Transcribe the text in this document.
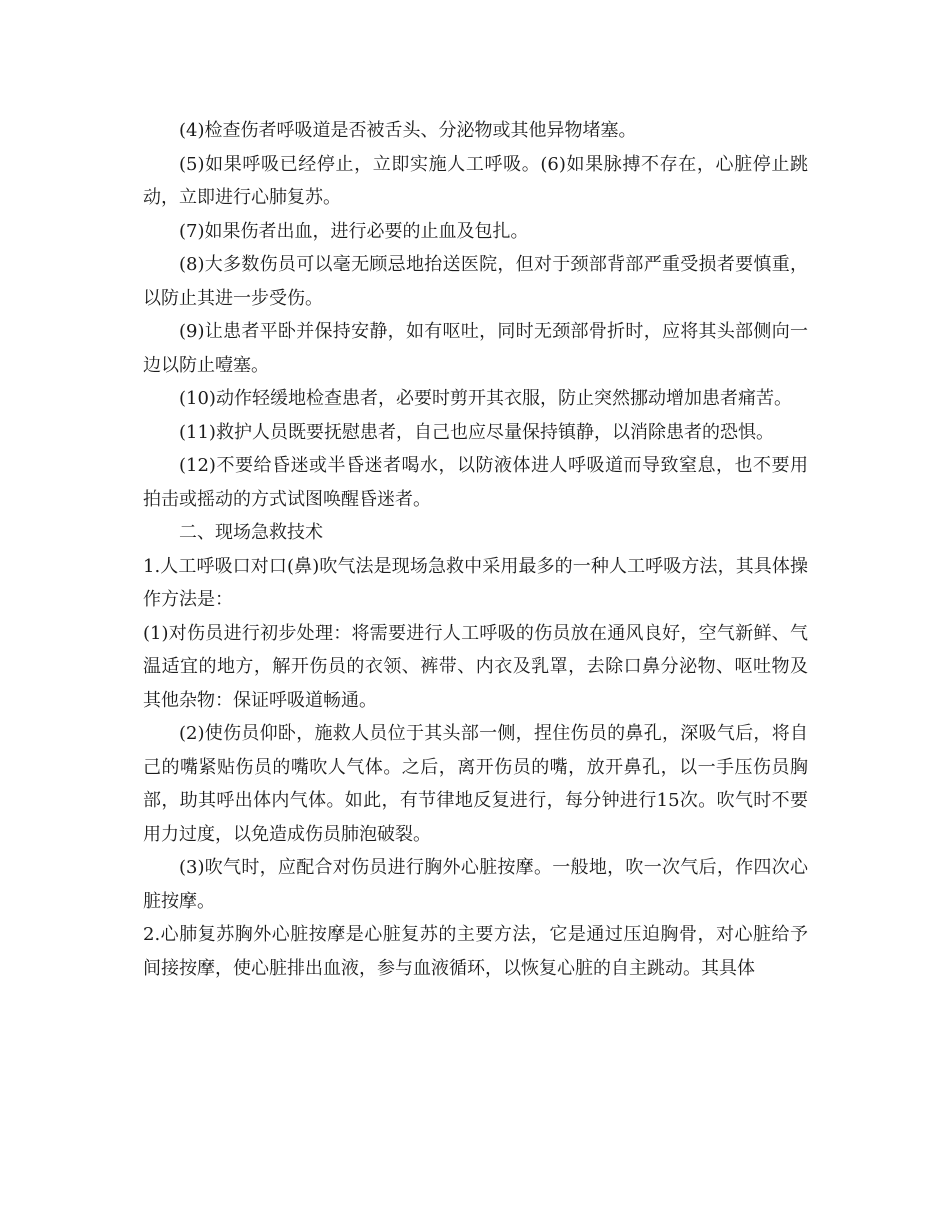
(4)检查伤者呼吸道是否被舌头、分泌物或其他异物堵塞。

(5)如果呼吸已经停止，立即实施人工呼吸。(6)如果脉搏不存在，心脏停止跳动，立即进行心肺复苏。

(7)如果伤者出血，进行必要的止血及包扎。

(8)大多数伤员可以毫无顾忌地抬送医院，但对于颈部背部严重受损者要慎重，以防止其进一步受伤。

(9)让患者平卧并保持安静，如有呕吐，同时无颈部骨折时，应将其头部侧向一边以防止噎塞。

(10)动作轻缓地检查患者，必要时剪开其衣服，防止突然挪动增加患者痛苦。

(11)救护人员既要抚慰患者，自己也应尽量保持镇静，以消除患者的恐惧。

(12)不要给昏迷或半昏迷者喝水，以防液体进人呼吸道而导致窒息，也不要用拍击或摇动的方式试图唤醒昏迷者。

二、现场急救技术

1.人工呼吸口对口(鼻)吹气法是现场急救中采用最多的一种人工呼吸方法，其具体操作方法是：

(1)对伤员进行初步处理：将需要进行人工呼吸的伤员放在通风良好，空气新鲜、气温适宜的地方，解开伤员的衣领、裤带、内衣及乳罩，去除口鼻分泌物、呕吐物及其他杂物：保证呼吸道畅通。

(2)使伤员仰卧，施救人员位于其头部一侧，捏住伤员的鼻孔，深吸气后，将自己的嘴紧贴伤员的嘴吹人气体。之后，离开伤员的嘴，放开鼻孔，以一手压伤员胸部，助其呼出体内气体。如此，有节律地反复进行，每分钟进行15次。吹气时不要用力过度，以免造成伤员肺泡破裂。

(3)吹气时，应配合对伤员进行胸外心脏按摩。一般地，吹一次气后，作四次心脏按摩。

2.心肺复苏胸外心脏按摩是心脏复苏的主要方法，它是通过压迫胸骨，对心脏给予间接按摩，使心脏排出血液，参与血液循环，以恢复心脏的自主跳动。其具体
